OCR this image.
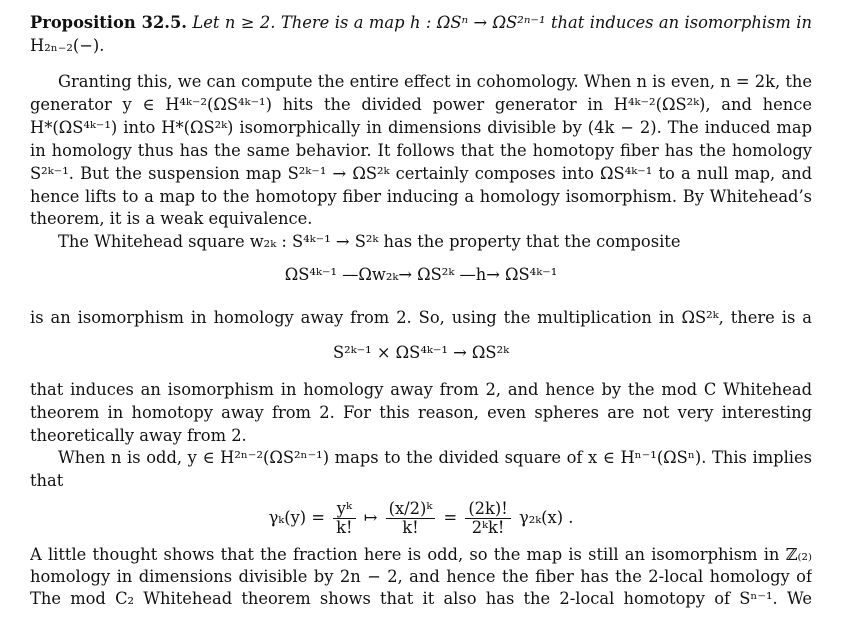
Proposition 32.5. Let n ≥ 2. There is a map h : ΩSⁿ → ΩS²ⁿ⁻¹ that induces an isomorphism in
H₂ₙ₋₂(−).
Granting this, we can compute the entire effect in cohomology. When n is even, n = 2k, the
generator y ∈ H⁴ᵏ⁻²(ΩS⁴ᵏ⁻¹) hits the divided power generator in H⁴ᵏ⁻²(ΩS²ᵏ), and hence
H*(ΩS⁴ᵏ⁻¹) into H*(ΩS²ᵏ) isomorphically in dimensions divisible by (4k − 2). The induced map
in homology thus has the same behavior. It follows that the homotopy fiber has the homology
S²ᵏ⁻¹. But the suspension map S²ᵏ⁻¹ → ΩS²ᵏ certainly composes into ΩS⁴ᵏ⁻¹ to a null map, and
hence lifts to a map to the homotopy fiber inducing a homology isomorphism. By Whitehead’s
theorem, it is a weak equivalence.
The Whitehead square w₂ₖ : S⁴ᵏ⁻¹ → S²ᵏ has the property that the composite
ΩS⁴ᵏ⁻¹ —Ωw₂ₖ→ ΩS²ᵏ —h→ ΩS⁴ᵏ⁻¹
is an isomorphism in homology away from 2. So, using the multiplication in ΩS²ᵏ, there is a
S²ᵏ⁻¹ × ΩS⁴ᵏ⁻¹ → ΩS²ᵏ
that induces an isomorphism in homology away from 2, and hence by the mod C Whitehead
theorem in homotopy away from 2. For this reason, even spheres are not very interesting
theoretically away from 2.
When n is odd, y ∈ H²ⁿ⁻²(ΩS²ⁿ⁻¹) maps to the divided square of x ∈ Hⁿ⁻¹(ΩSⁿ). This implies
that
$\gamma_k(y) = \frac{\text{yᵏ}}{k!}$ ↦ $\frac{\text{(x/2)ᵏ}}{k!} = \frac{(2k)!}{\text{2ᵏk!}} \gamma_{2k}(x)$ .
A little thought shows that the fraction here is odd, so the map is still an isomorphism in ℤ₍₂₎
homology in dimensions divisible by 2n − 2, and hence the fiber has the 2-local homology of
The mod C₂ Whitehead theorem shows that it also has the 2-local homotopy of Sⁿ⁻¹. We
